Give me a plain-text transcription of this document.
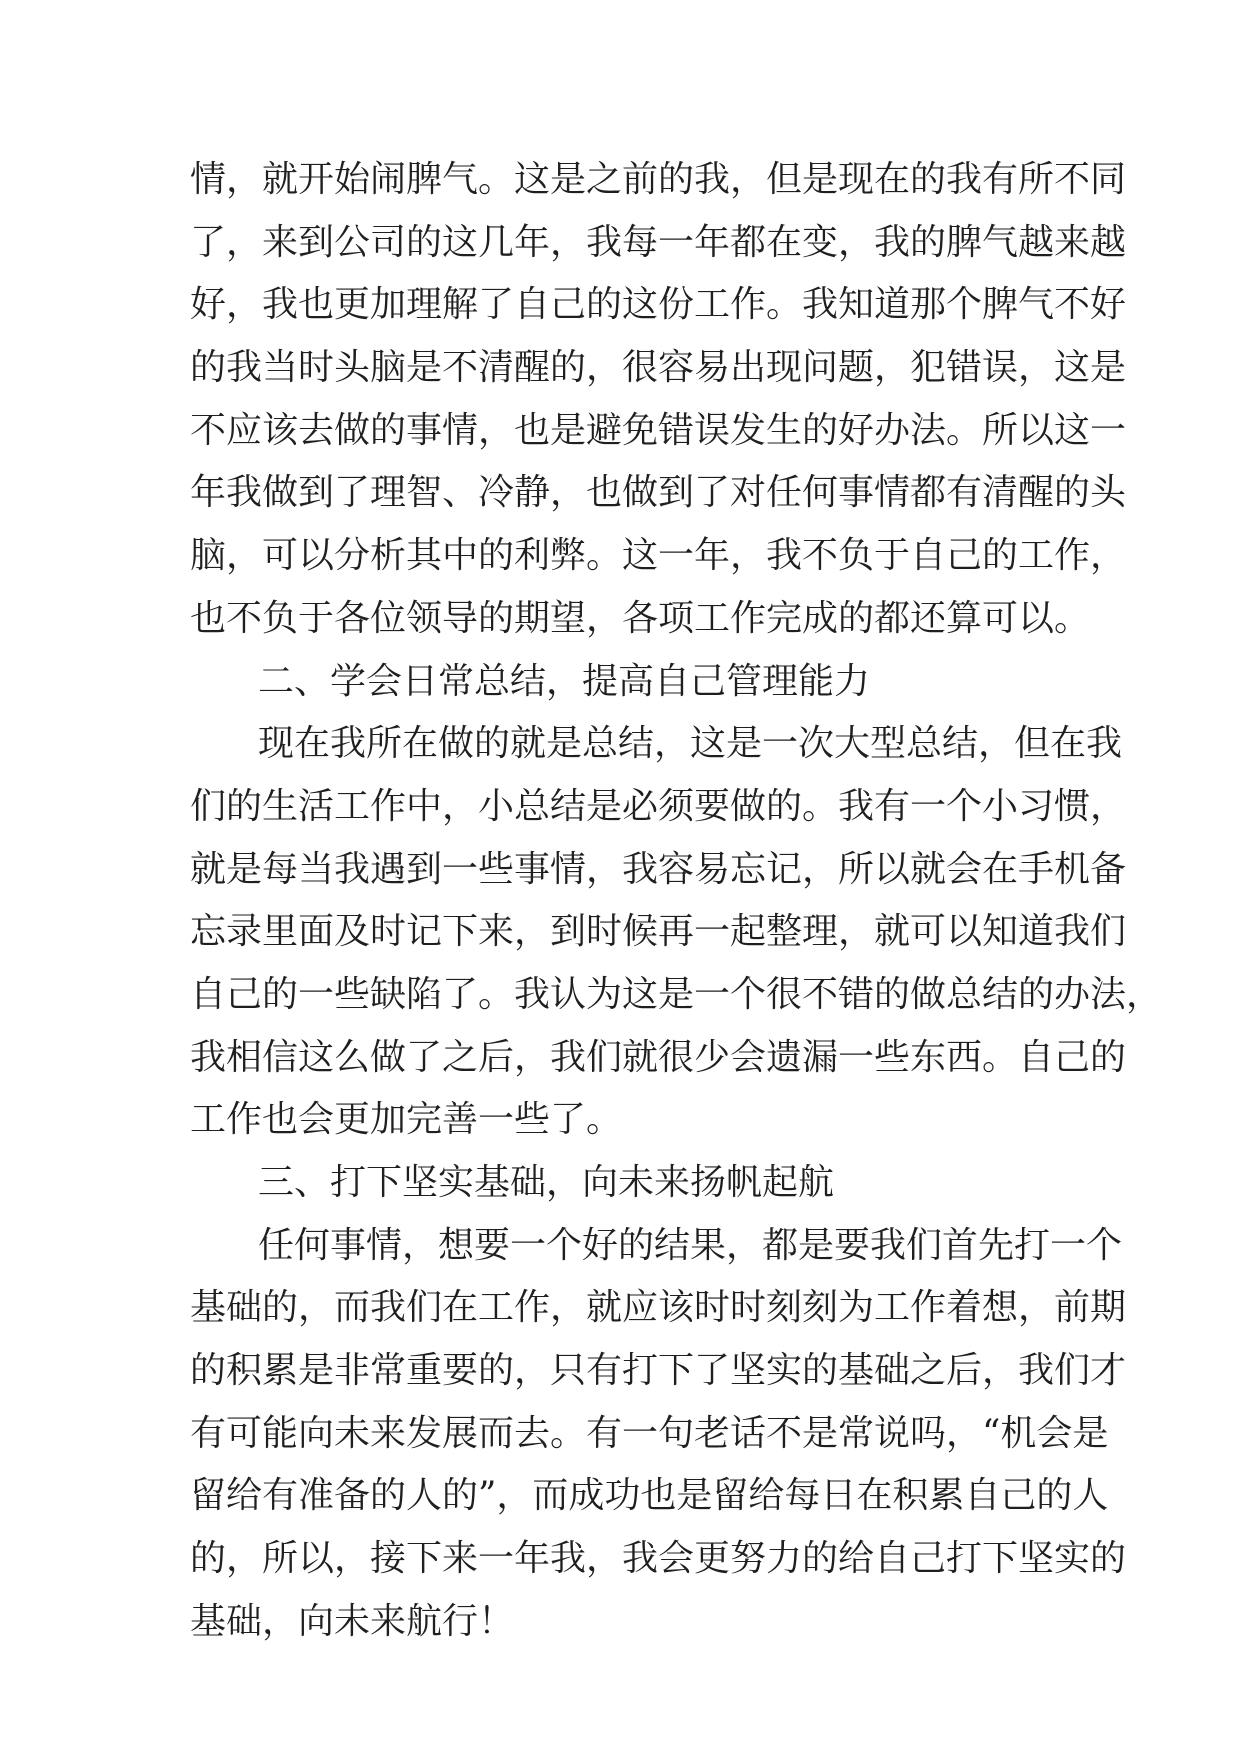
情，就开始闹脾气。这是之前的我，但是现在的我有所不同
了，来到公司的这几年，我每一年都在变，我的脾气越来越
好，我也更加理解了自己的这份工作。我知道那个脾气不好
的我当时头脑是不清醒的，很容易出现问题，犯错误，这是
不应该去做的事情，也是避免错误发生的好办法。所以这一
年我做到了理智、冷静，也做到了对任何事情都有清醒的头
脑，可以分析其中的利弊。这一年，我不负于自己的工作，
也不负于各位领导的期望，各项工作完成的都还算可以。
二、学会日常总结，提高自己管理能力
现在我所在做的就是总结，这是一次大型总结，但在我
们的生活工作中，小总结是必须要做的。我有一个小习惯，
就是每当我遇到一些事情，我容易忘记，所以就会在手机备
忘录里面及时记下来，到时候再一起整理，就可以知道我们
自己的一些缺陷了。我认为这是一个很不错的做总结的办法，
我相信这么做了之后，我们就很少会遗漏一些东西。自己的
工作也会更加完善一些了。
三、打下坚实基础，向未来扬帆起航
任何事情，想要一个好的结果，都是要我们首先打一个
基础的，而我们在工作，就应该时时刻刻为工作着想，前期
的积累是非常重要的，只有打下了坚实的基础之后，我们才
有可能向未来发展而去。有一句老话不是常说吗，“机会是
留给有准备的人的”，而成功也是留给每日在积累自己的人
的，所以，接下来一年我，我会更努力的给自己打下坚实的
基础，向未来航行！
